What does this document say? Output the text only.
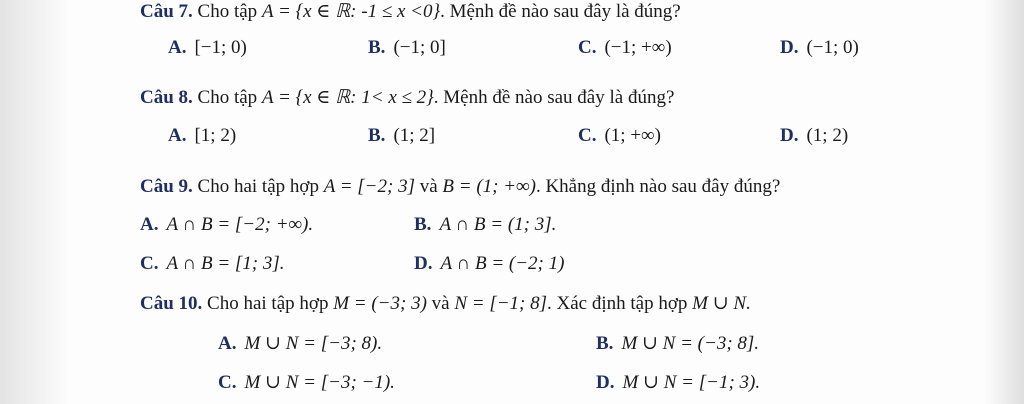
Câu 7. Cho tập A = {x ∈ ℝ: -1 ≤ x <0}. Mệnh đề nào sau đây là đúng?
A. [−1; 0)	B. (−1; 0]	C. (−1; +∞)	D. (−1; 0)
Câu 8. Cho tập A = {x ∈ ℝ: 1< x ≤ 2}. Mệnh đề nào sau đây là đúng?
A. [1; 2)	B. (1; 2]	C. (1; +∞)	D. (1; 2)
Câu 9. Cho hai tập hợp A = [−2; 3] và B = (1; +∞). Khẳng định nào sau đây đúng?
A. A ∩ B = [−2; +∞).	B. A ∩ B = (1; 3].
C. A ∩ B = [1; 3].	D. A ∩ B = (−2; 1)
Câu 10. Cho hai tập hợp M = (−3; 3) và N = [−1; 8]. Xác định tập hợp M ∪ N.
A. M ∪ N = [−3; 8).	B. M ∪ N = (−3; 8].
C. M ∪ N = [−3; −1).	D. M ∪ N = [−1; 3).
